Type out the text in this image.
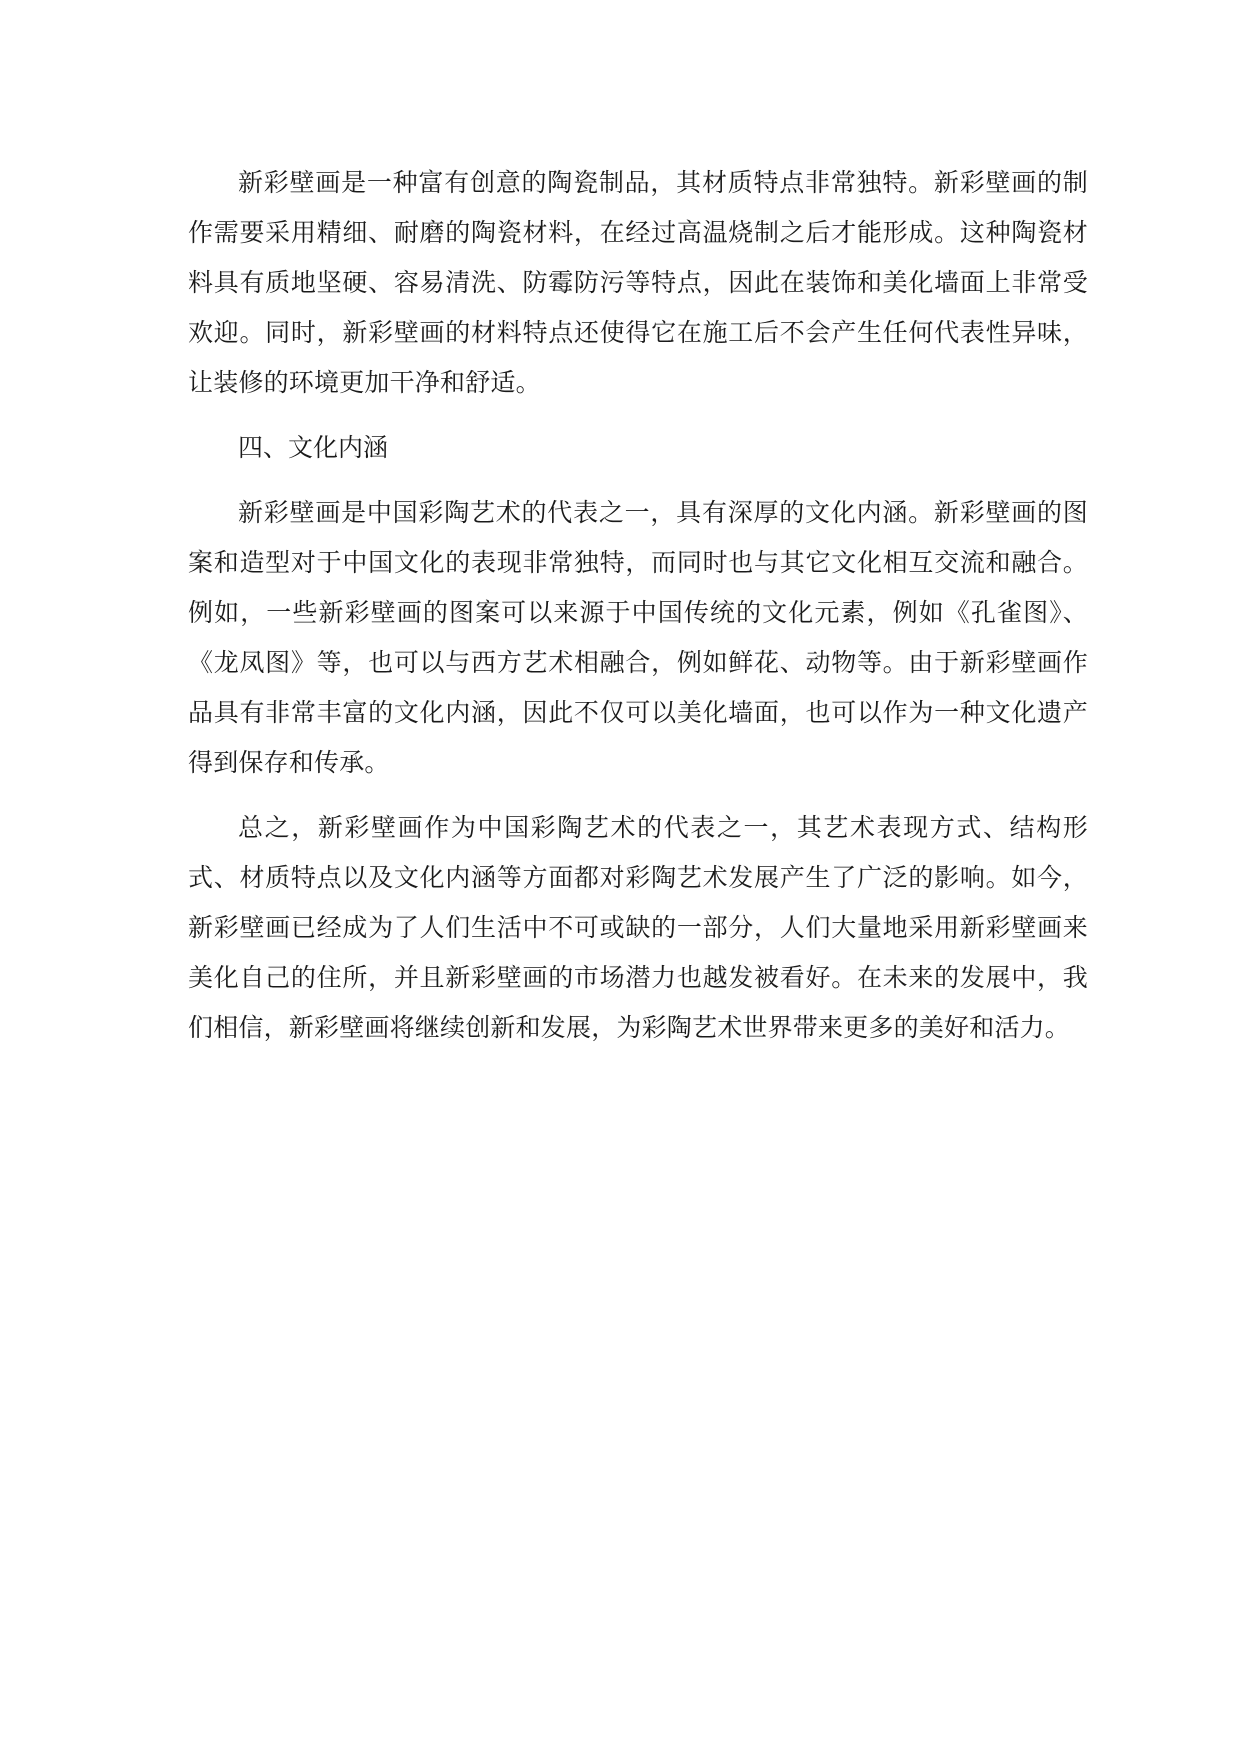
新彩壁画是一种富有创意的陶瓷制品，其材质特点非常独特。新彩壁画的制作需要采用精细、耐磨的陶瓷材料，在经过高温烧制之后才能形成。这种陶瓷材料具有质地坚硬、容易清洗、防霉防污等特点，因此在装饰和美化墙面上非常受欢迎。同时，新彩壁画的材料特点还使得它在施工后不会产生任何代表性异味，让装修的环境更加干净和舒适。

四、文化内涵

新彩壁画是中国彩陶艺术的代表之一，具有深厚的文化内涵。新彩壁画的图案和造型对于中国文化的表现非常独特，而同时也与其它文化相互交流和融合。例如，一些新彩壁画的图案可以来源于中国传统的文化元素，例如《孔雀图》、《龙凤图》等，也可以与西方艺术相融合，例如鲜花、动物等。由于新彩壁画作品具有非常丰富的文化内涵，因此不仅可以美化墙面，也可以作为一种文化遗产得到保存和传承。

总之，新彩壁画作为中国彩陶艺术的代表之一，其艺术表现方式、结构形式、材质特点以及文化内涵等方面都对彩陶艺术发展产生了广泛的影响。如今，新彩壁画已经成为了人们生活中不可或缺的一部分，人们大量地采用新彩壁画来美化自己的住所，并且新彩壁画的市场潜力也越发被看好。在未来的发展中，我们相信，新彩壁画将继续创新和发展，为彩陶艺术世界带来更多的美好和活力。
